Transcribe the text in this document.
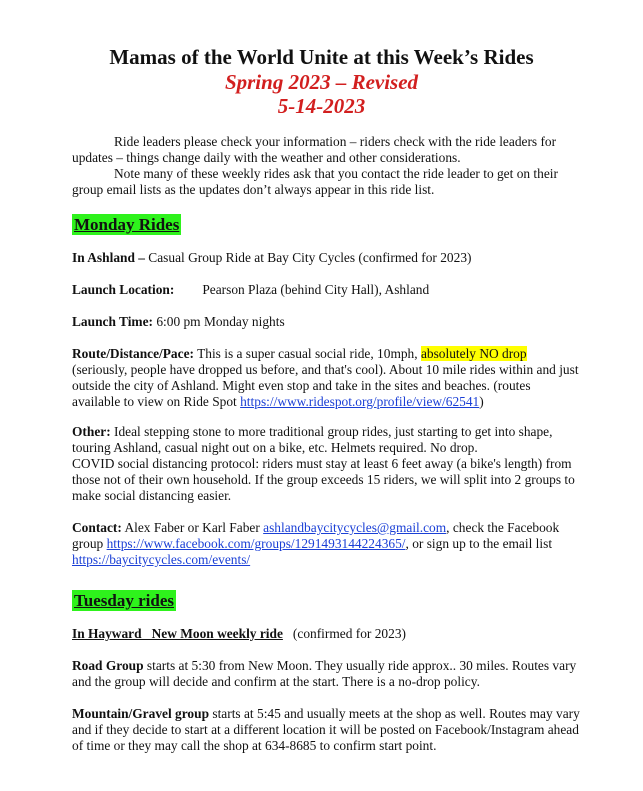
Mamas of the World Unite at this Week’s Rides
Spring 2023 – Revised
5-14-2023
Ride leaders please check your information – riders check with the ride leaders for updates – things change daily with the weather and other considerations.
Note many of these weekly rides ask that you contact the ride leader to get on their group email lists as the updates don’t always appear in this ride list.
Monday Rides
In Ashland – Casual Group Ride at Bay City Cycles (confirmed for 2023)
Launch Location: Pearson Plaza (behind City Hall), Ashland
Launch Time: 6:00 pm Monday nights
Route/Distance/Pace: This is a super casual social ride, 10mph, absolutely NO drop (seriously, people have dropped us before, and that's cool). About 10 mile rides within and just outside the city of Ashland. Might even stop and take in the sites and beaches. (routes available to view on Ride Spot https://www.ridespot.org/profile/view/62541)
Other: Ideal stepping stone to more traditional group rides, just starting to get into shape, touring Ashland, casual night out on a bike, etc. Helmets required. No drop.
COVID social distancing protocol: riders must stay at least 6 feet away (a bike's length) from those not of their own household. If the group exceeds 15 riders, we will split into 2 groups to make social distancing easier.
Contact: Alex Faber or Karl Faber ashlandbaycitycycles@gmail.com, check the Facebook group https://www.facebook.com/groups/1291493144224365/, or sign up to the email list https://baycitycycles.com/events/
Tuesday rides
In Hayward   New Moon weekly ride   (confirmed for 2023)
Road Group starts at 5:30 from New Moon. They usually ride approx.. 30 miles. Routes vary and the group will decide and confirm at the start. There is a no-drop policy.
Mountain/Gravel group starts at 5:45 and usually meets at the shop as well. Routes may vary and if they decide to start at a different location it will be posted on Facebook/Instagram ahead of time or they may call the shop at 634-8685 to confirm start point.
